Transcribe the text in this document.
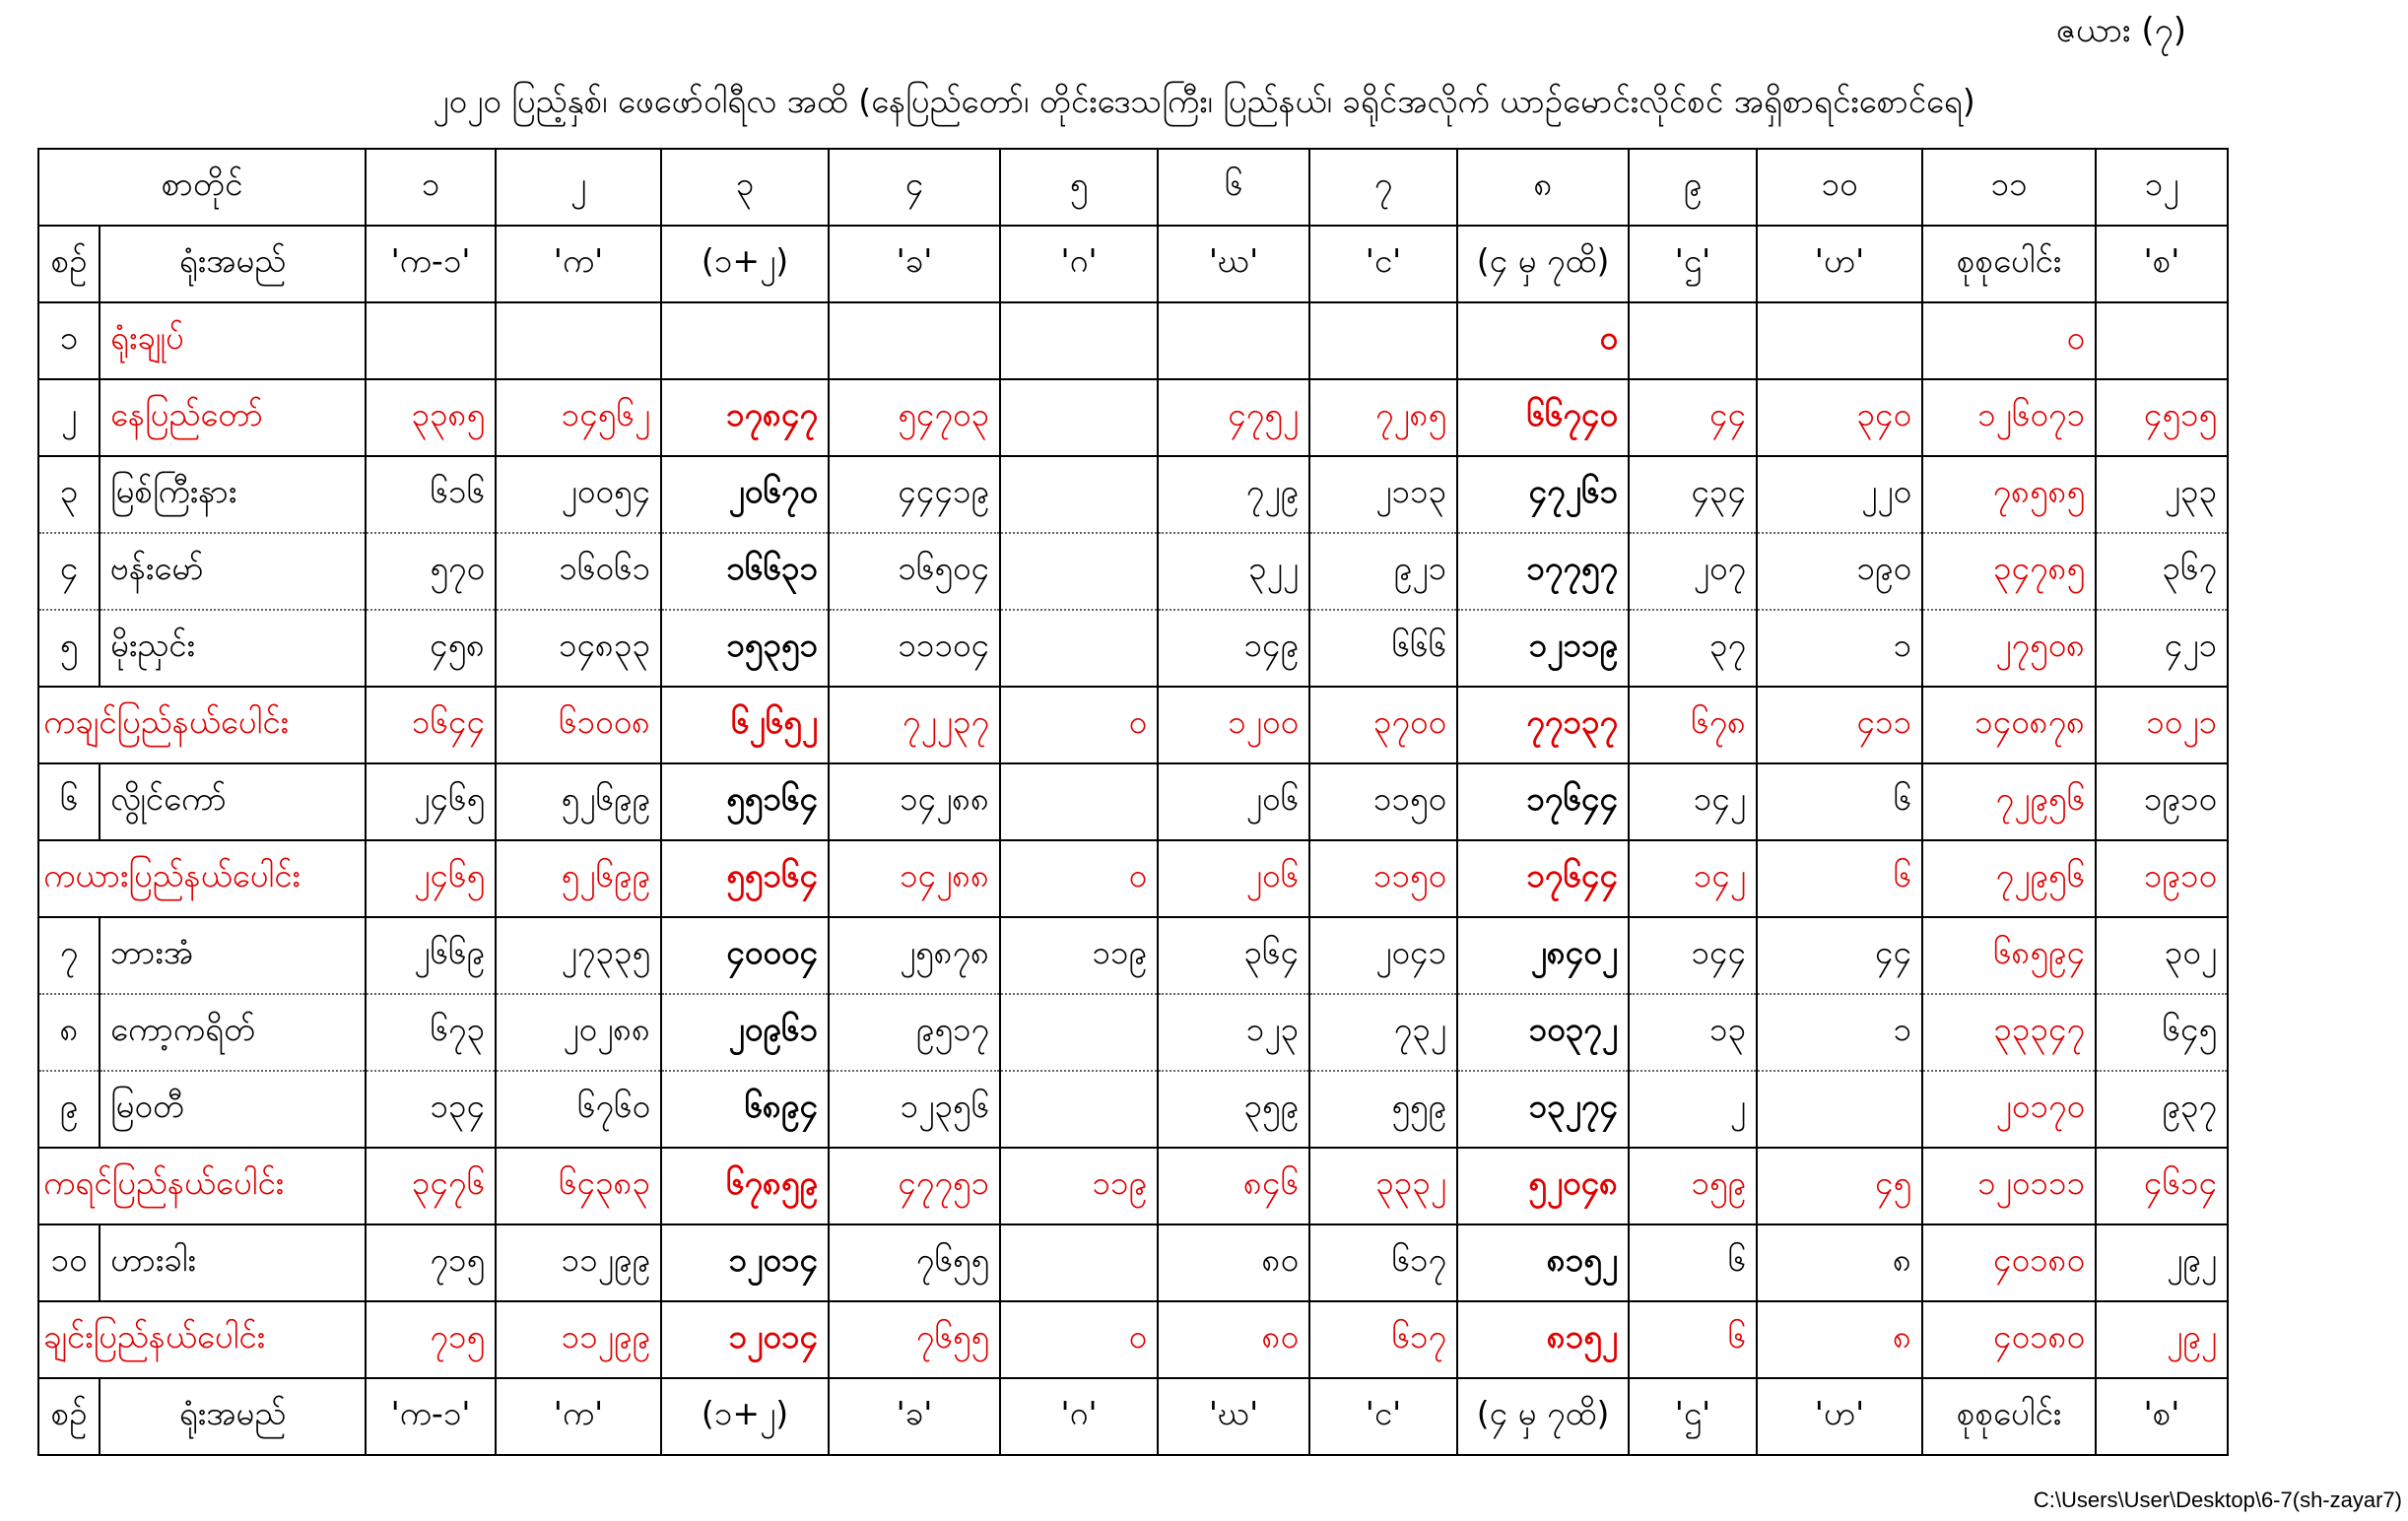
ဇယား (၇)
၂၀၂၀ ပြည့်နှစ်၊ ဖေဖော်ဝါရီလ အထိ (နေပြည်တော်၊ တိုင်းဒေသကြီး၊ ပြည်နယ်၊ ခရိုင်အလိုက် ယာဉ်မောင်းလိုင်စင် အရှိစာရင်းစောင်ရေ)
စာတိုင်		၁	၂	၃	၄	၅	၆	၇	၈	၉	၁၀	၁၁	၁၂
စဉ်	ရုံးအမည်	'က-၁'	'က'	(၁+၂)	'ခ'	'ဂ'	'ဃ'	'င'	(၄ မှ ၇ထိ)	'ဌ'	'ဟ'	စုစုပေါင်း	'စ'
၁	ရုံးချုပ်								၀			၀	
၂	နေပြည်တော်	၃၃၈၅	၁၄၅၆၂	၁၇၈၄၇	၅၄၇၀၃		၄၇၅၂	၇၂၈၅	၆၆၇၄၀	၄၄	၃၄၀	၁၂၆၀၇၁	၄၅၁၅
၃	မြစ်ကြီးနား	၆၁၆	၂၀၀၅၄	၂၀၆၇၀	၄၄၄၁၉		၇၂၉	၂၁၁၃	၄၇၂၆၁	၄၃၄	၂၂၀	၇၈၅၈၅	၂၃၃
၄	ဗန်းမော်	၅၇၀	၁၆၀၆၁	၁၆၆၃၁	၁၆၅၀၄		၃၂၂	၉၂၁	၁၇၇၅၇	၂၀၇	၁၉၀	၃၄၇၈၅	၃၆၇
၅	မိုးညှင်း	၄၅၈	၁၄၈၃၃	၁၅၃၅၁	၁၁၁၀၄		၁၄၉	၆၆၆	၁၂၁၁၉	၃၇	၁	၂၇၅၀၈	၄၂၁
ကချင်ပြည်နယ်ပေါင်း		၁၆၄၄	၆၁၀၀၈	၆၂၆၅၂	၇၂၂၃၇	၀	၁၂၀၀	၃၇၀၀	၇၇၁၃၇	၆၇၈	၄၁၁	၁၄၀၈၇၈	၁၀၂၁
၆	လွိုင်ကော်	၂၄၆၅	၅၂၆၉၉	၅၅၁၆၄	၁၄၂၈၈		၂၀၆	၁၁၅၀	၁၇၆၄၄	၁၄၂	၆	၇၂၉၅၆	၁၉၁၀
ကယားပြည်နယ်ပေါင်း		၂၄၆၅	၅၂၆၉၉	၅၅၁၆၄	၁၄၂၈၈	၀	၂၀၆	၁၁၅၀	၁၇၆၄၄	၁၄၂	၆	၇၂၉၅၆	၁၉၁၀
၇	ဘားအံ	၂၆၆၉	၂၇၃၃၅	၄၀၀၀၄	၂၅၈၇၈	၁၁၉	၃၆၄	၂၀၄၁	၂၈၄၀၂	၁၄၄	၄၄	၆၈၅၉၄	၃၀၂
၈	ကော့ကရိတ်	၆၇၃	၂၀၂၈၈	၂၀၉၆၁	၉၅၁၇		၁၂၃	၇၃၂	၁၀၃၇၂	၁၃	၁	၃၃၃၄၇	၆၄၅
၉	မြဝတီ	၁၃၄	၆၇၆၀	၆၈၉၄	၁၂၃၅၆		၃၅၉	၅၅၉	၁၃၂၇၄	၂		၂၀၁၇၀	၉၃၇
ကရင်ပြည်နယ်ပေါင်း		၃၄၇၆	၆၄၃၈၃	၆၇၈၅၉	၄၇၇၅၁	၁၁၉	၈၄၆	၃၃၃၂	၅၂၀၄၈	၁၅၉	၄၅	၁၂၀၁၁၁	၄၆၁၄
၁၀	ဟားခါး	၇၁၅	၁၁၂၉၉	၁၂၀၁၄	၇၆၅၅		၈၀	၆၁၇	၈၁၅၂	၆	၈	၄၀၁၈၀	၂၉၂
ချင်းပြည်နယ်ပေါင်း		၇၁၅	၁၁၂၉၉	၁၂၀၁၄	၇၆၅၅	၀	၈၀	၆၁၇	၈၁၅၂	၆	၈	၄၀၁၈၀	၂၉၂
စဉ်	ရုံးအမည်	'က-၁'	'က'	(၁+၂)	'ခ'	'ဂ'	'ဃ'	'င'	(၄ မှ ၇ထိ)	'ဌ'	'ဟ'	စုစုပေါင်း	'စ'
C:\Users\User\Desktop\6-7(sh-zayar7)
